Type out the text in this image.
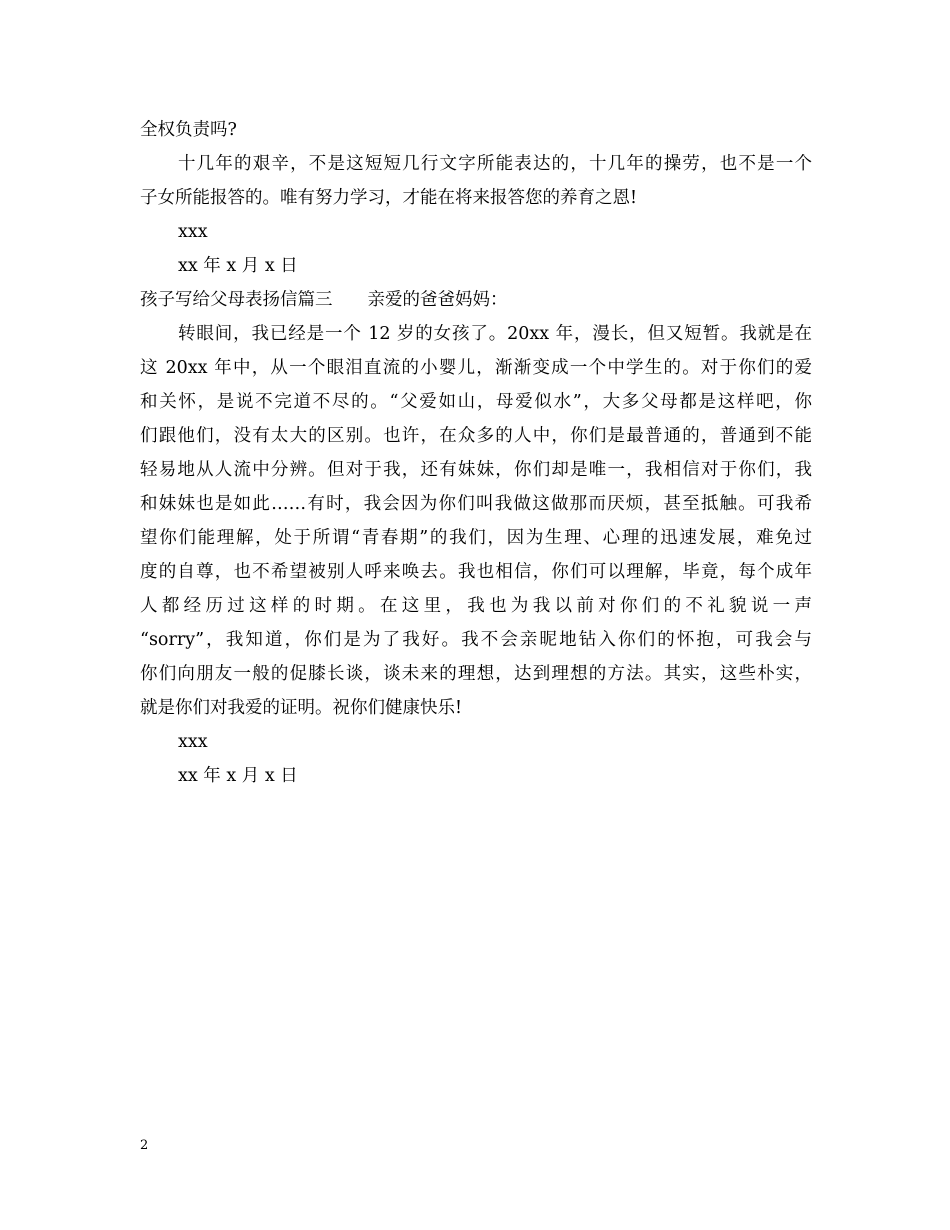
全权负责吗?
十几年的艰辛，不是这短短几行文字所能表达的，十几年的操劳，也不是一个
子女所能报答的。唯有努力学习，才能在将来报答您的养育之恩!
xxx
xx 年 x 月 x 日
孩子写给父母表扬信篇三　　亲爱的爸爸妈妈：
转眼间，我已经是一个 12 岁的女孩了。20xx 年，漫长，但又短暂。我就是在
这 20xx 年中，从一个眼泪直流的小婴儿，渐渐变成一个中学生的。对于你们的爱
和关怀，是说不完道不尽的。“父爱如山，母爱似水”，大多父母都是这样吧，你
们跟他们，没有太大的区别。也许，在众多的人中，你们是最普通的，普通到不能
轻易地从人流中分辨。但对于我，还有妹妹，你们却是唯一，我相信对于你们，我
和妹妹也是如此……有时，我会因为你们叫我做这做那而厌烦，甚至抵触。可我希
望你们能理解，处于所谓“青春期”的我们，因为生理、心理的迅速发展，难免过
度的自尊，也不希望被别人呼来唤去。我也相信，你们可以理解，毕竟，每个成年
人都经历过这样的时期。在这里，我也为我以前对你们的不礼貌说一声
“sorry”，我知道，你们是为了我好。我不会亲昵地钻入你们的怀抱，可我会与
你们向朋友一般的促膝长谈，谈未来的理想，达到理想的方法。其实，这些朴实，
就是你们对我爱的证明。祝你们健康快乐!
xxx
xx 年 x 月 x 日
2
